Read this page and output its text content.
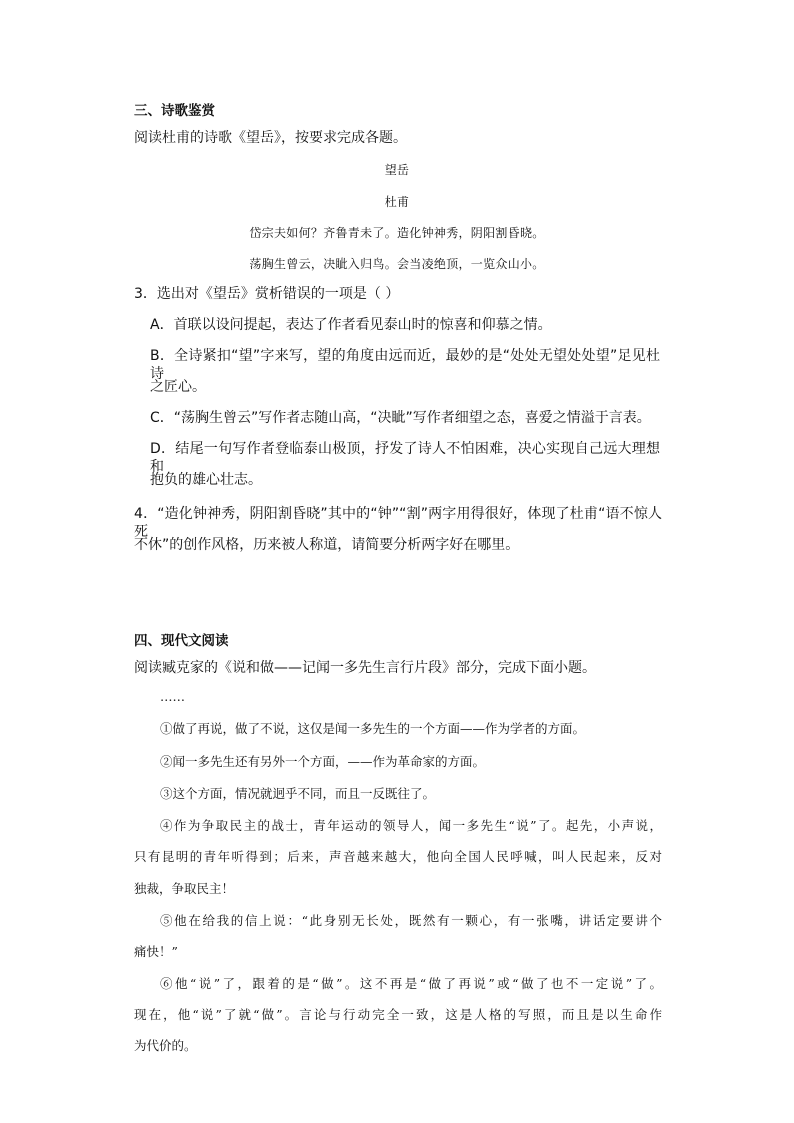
三、诗歌鉴赏
阅读杜甫的诗歌《望岳》，按要求完成各题。
望岳
杜甫
岱宗夫如何？齐鲁青未了。造化钟神秀，阴阳割昏晓。
荡胸生曾云，决眦入归鸟。会当凌绝顶，一览众山小。
3．选出对《望岳》赏析错误的一项是（ ）
A．首联以设问提起，表达了作者看见泰山时的惊喜和仰慕之情。
B．全诗紧扣“望”字来写，望的角度由远而近，最妙的是“处处无望处处望”足见杜诗
之匠心。
C．“荡胸生曾云”写作者志随山高，“决眦”写作者细望之态，喜爱之情溢于言表。
D．结尾一句写作者登临泰山极顶，抒发了诗人不怕困难，决心实现自己远大理想和
抱负的雄心壮志。
4．“造化钟神秀，阴阳割昏晓”其中的“钟”“割”两字用得很好，体现了杜甫“语不惊人死
不休”的创作风格，历来被人称道，请简要分析两字好在哪里。
四、现代文阅读
阅读臧克家的《说和做——记闻一多先生言行片段》部分，完成下面小题。
……
①做了再说，做了不说，这仅是闻一多先生的一个方面——作为学者的方面。
②闻一多先生还有另外一个方面，——作为革命家的方面。
③这个方面，情况就迥乎不同，而且一反既往了。
④作为争取民主的战士，青年运动的领导人，闻一多先生“说”了。起先，小声说，
只有昆明的青年听得到；后来，声音越来越大，他向全国人民呼喊，叫人民起来，反对
独裁，争取民主！
⑤他在给我的信上说：“此身别无长处，既然有一颗心，有一张嘴，讲话定要讲个
痛快！”
⑥他“说”了，跟着的是“做”。这不再是“做了再说”或“做了也不一定说”了。
现在，他“说”了就“做”。言论与行动完全一致，这是人格的写照，而且是以生命作
为代价的。
